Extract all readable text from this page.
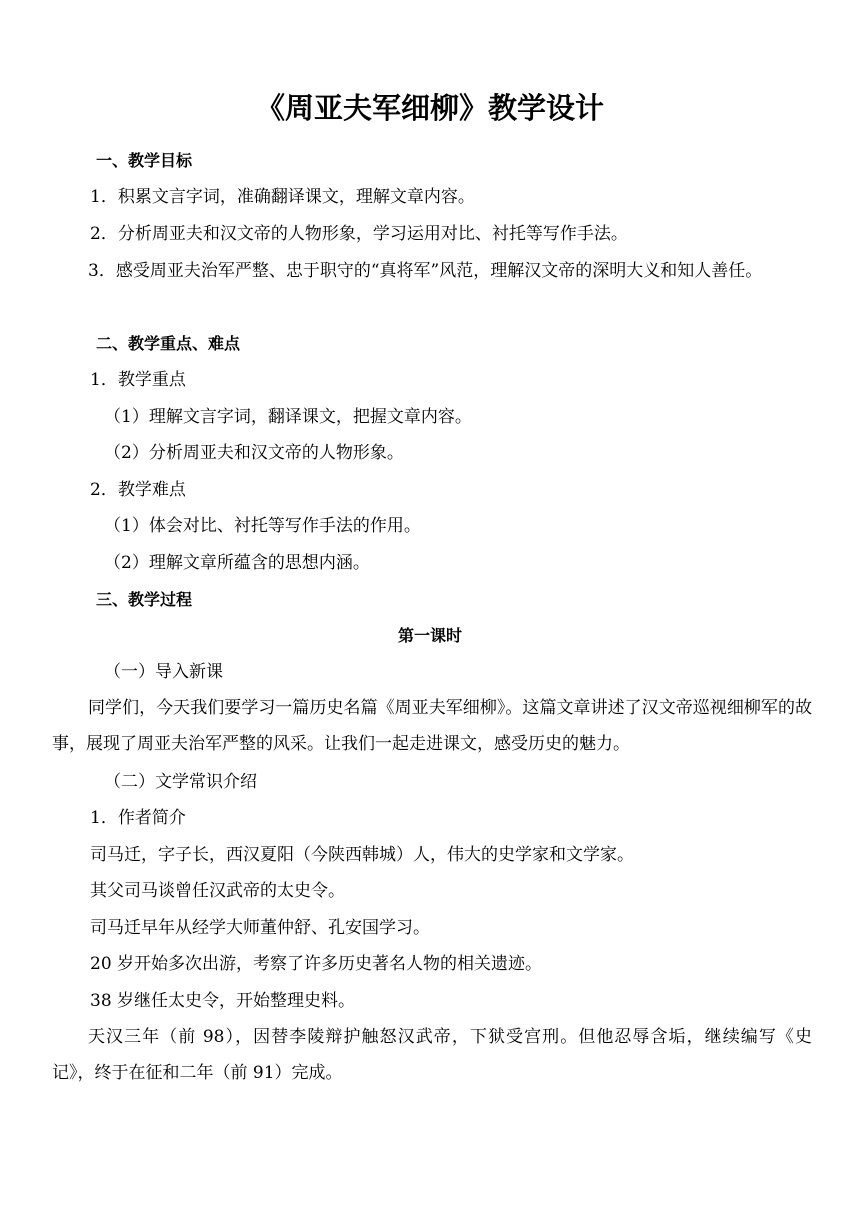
《周亚夫军细柳》教学设计
一、教学目标
1．积累文言字词，准确翻译课文，理解文章内容。
2．分析周亚夫和汉文帝的人物形象，学习运用对比、衬托等写作手法。

3．感受周亚夫治军严整、忠于职守的“真将军”风范，理解汉文帝的深明大义和知人善任。

二、教学重点、难点
1．教学重点
（1）理解文言字词，翻译课文，把握文章内容。
（2）分析周亚夫和汉文帝的人物形象。
2．教学难点
（1）体会对比、衬托等写作手法的作用。
（2）理解文章所蕴含的思想内涵。
三、教学过程
第一课时
（一）导入新课

同学们，今天我们要学习一篇历史名篇《周亚夫军细柳》。这篇文章讲述了汉文帝巡视细柳军的故事，展现了周亚夫治军严整的风采。让我们一起走进课文，感受历史的魅力。

（二）文学常识介绍
1．作者简介
司马迁，字子长，西汉夏阳（今陕西韩城）人，伟大的史学家和文学家。
其父司马谈曾任汉武帝的太史令。
司马迁早年从经学大师董仲舒、孔安国学习。
20 岁开始多次出游，考察了许多历史著名人物的相关遗迹。
38 岁继任太史令，开始整理史料。

天汉三年（前 98），因替李陵辩护触怒汉武帝，下狱受宫刑。但他忍辱含垢，继续编写《史记》，终于在征和二年（前 91）完成。
